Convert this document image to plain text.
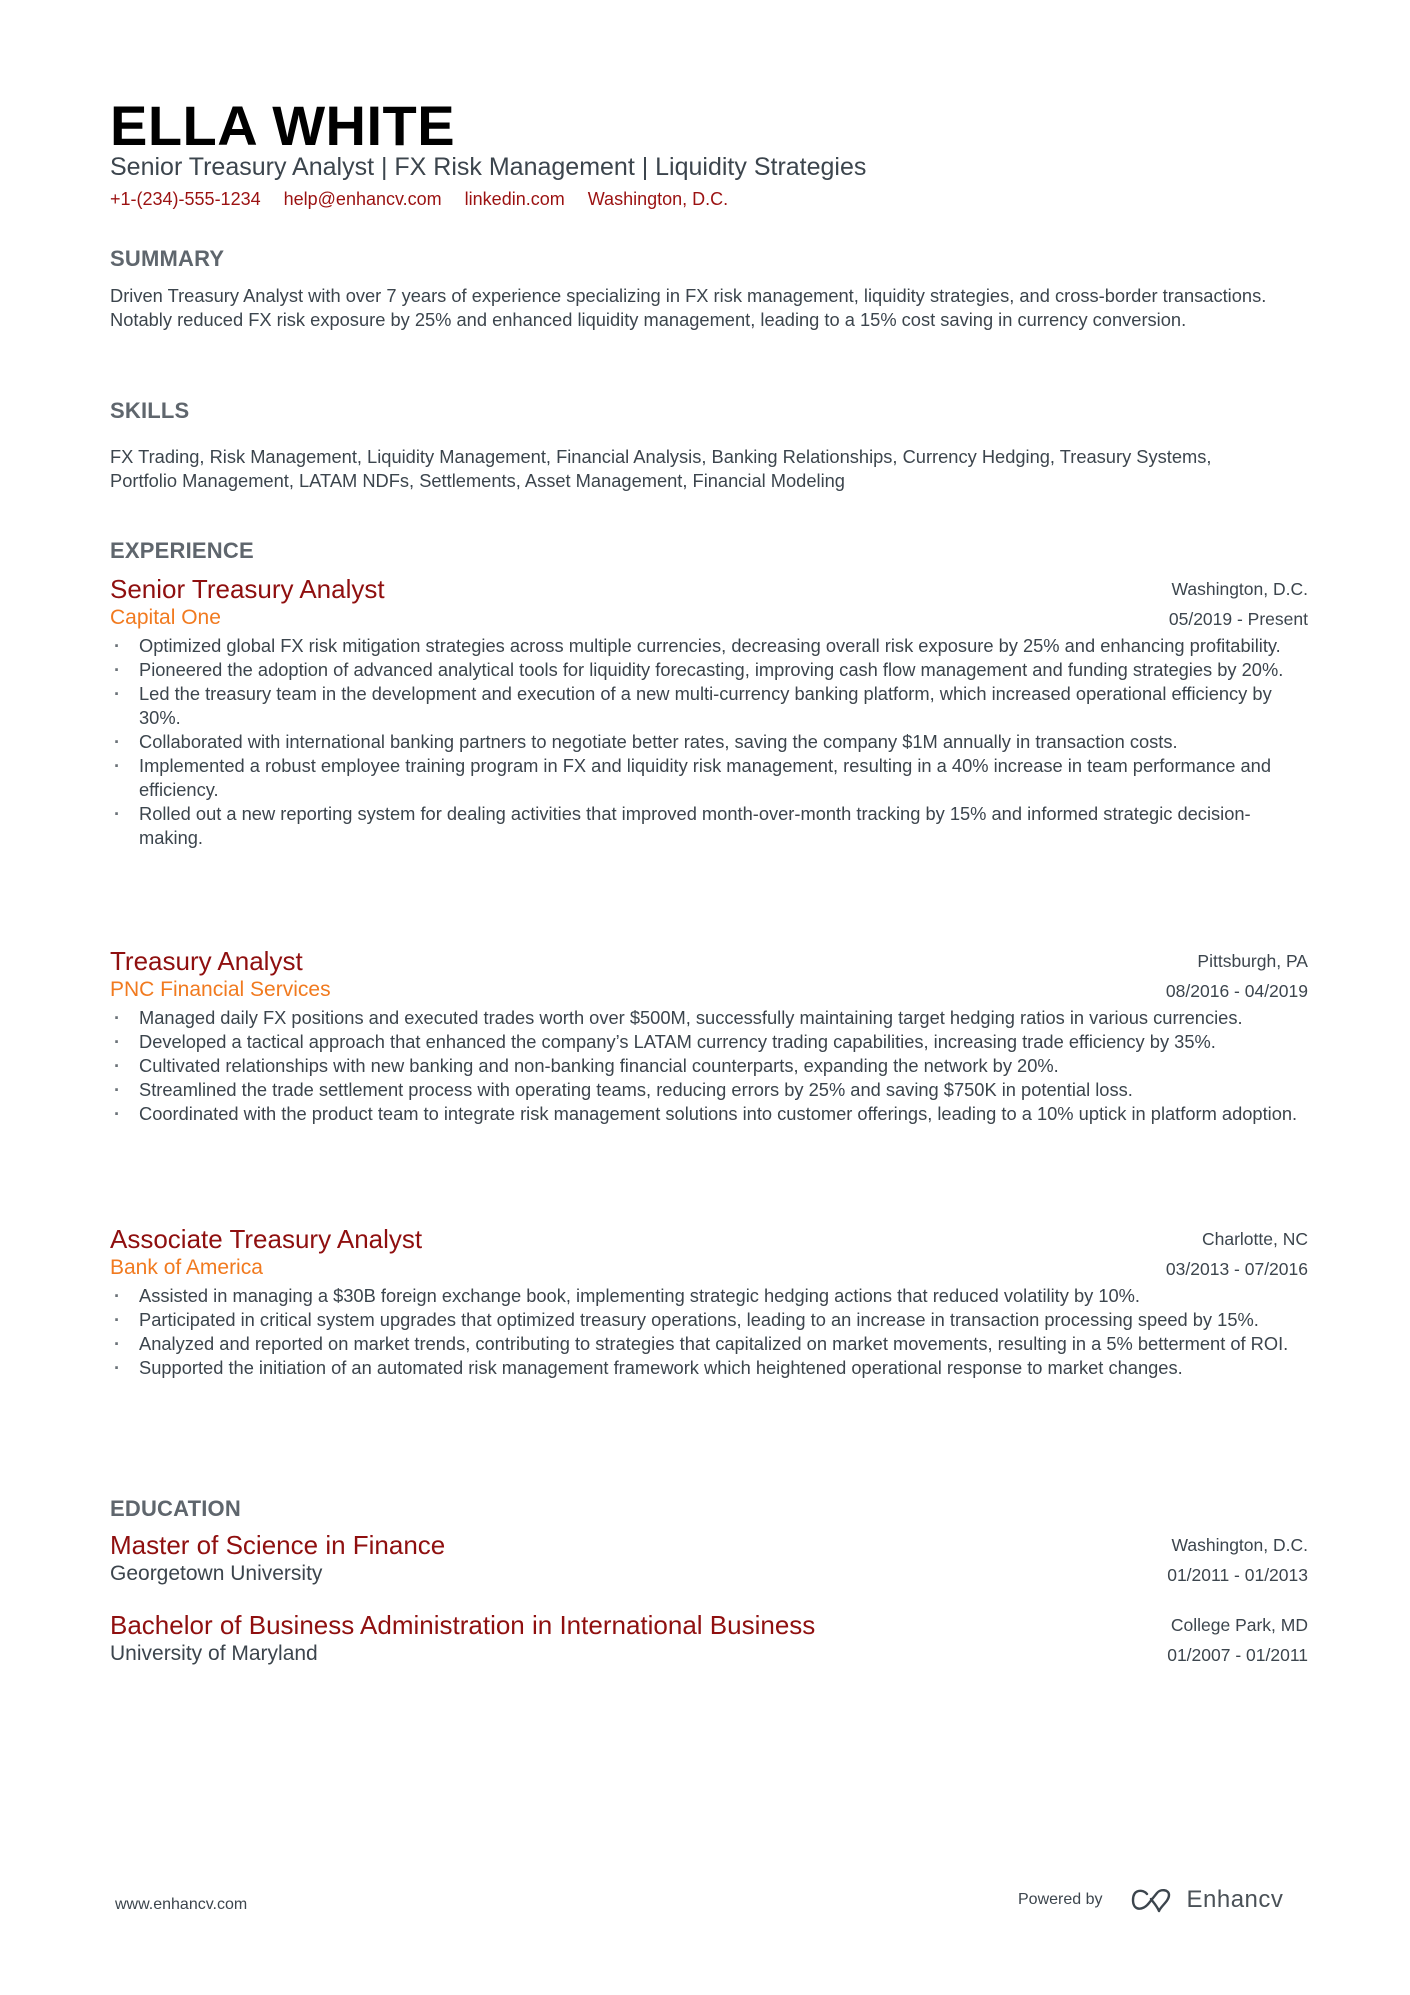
ELLA WHITE
Senior Treasury Analyst | FX Risk Management | Liquidity Strategies
+1-(234)-555-1234 help@enhancv.com linkedin.com Washington, D.C.
SUMMARY

Driven Treasury Analyst with over 7 years of experience specializing in FX risk management, liquidity strategies, and cross-border transactions. Notably reduced FX risk exposure by 25% and enhanced liquidity management, leading to a 15% cost saving in currency conversion.

SKILLS

FX Trading, Risk Management, Liquidity Management, Financial Analysis, Banking Relationships, Currency Hedging, Treasury Systems, Portfolio Management, LATAM NDFs, Settlements, Asset Management, Financial Modeling

EXPERIENCE
Senior Treasury Analyst
Capital One
Washington, D.C.
05/2019 - Present
· Optimized global FX risk mitigation strategies across multiple currencies, decreasing overall risk exposure by 25% and enhancing profitability.
· Pioneered the adoption of advanced analytical tools for liquidity forecasting, improving cash flow management and funding strategies by 20%.
· Led the treasury team in the development and execution of a new multi-currency banking platform, which increased operational efficiency by 30%.
· Collaborated with international banking partners to negotiate better rates, saving the company $1M annually in transaction costs.
· Implemented a robust employee training program in FX and liquidity risk management, resulting in a 40% increase in team performance and efficiency.
· Rolled out a new reporting system for dealing activities that improved month-over-month tracking by 15% and informed strategic decision-making.
Treasury Analyst
PNC Financial Services
Pittsburgh, PA
08/2016 - 04/2019
· Managed daily FX positions and executed trades worth over $500M, successfully maintaining target hedging ratios in various currencies.
· Developed a tactical approach that enhanced the company’s LATAM currency trading capabilities, increasing trade efficiency by 35%.
· Cultivated relationships with new banking and non-banking financial counterparts, expanding the network by 20%.
· Streamlined the trade settlement process with operating teams, reducing errors by 25% and saving $750K in potential loss.
· Coordinated with the product team to integrate risk management solutions into customer offerings, leading to a 10% uptick in platform adoption.
Associate Treasury Analyst
Bank of America
Charlotte, NC
03/2013 - 07/2016
· Assisted in managing a $30B foreign exchange book, implementing strategic hedging actions that reduced volatility by 10%.
· Participated in critical system upgrades that optimized treasury operations, leading to an increase in transaction processing speed by 15%.
· Analyzed and reported on market trends, contributing to strategies that capitalized on market movements, resulting in a 5% betterment of ROI.
· Supported the initiation of an automated risk management framework which heightened operational response to market changes.
EDUCATION
Master of Science in Finance
Georgetown University
Washington, D.C.
01/2011 - 01/2013
Bachelor of Business Administration in International Business
University of Maryland
College Park, MD
01/2007 - 01/2011
www.enhancv.com	Powered by	Enhancv
